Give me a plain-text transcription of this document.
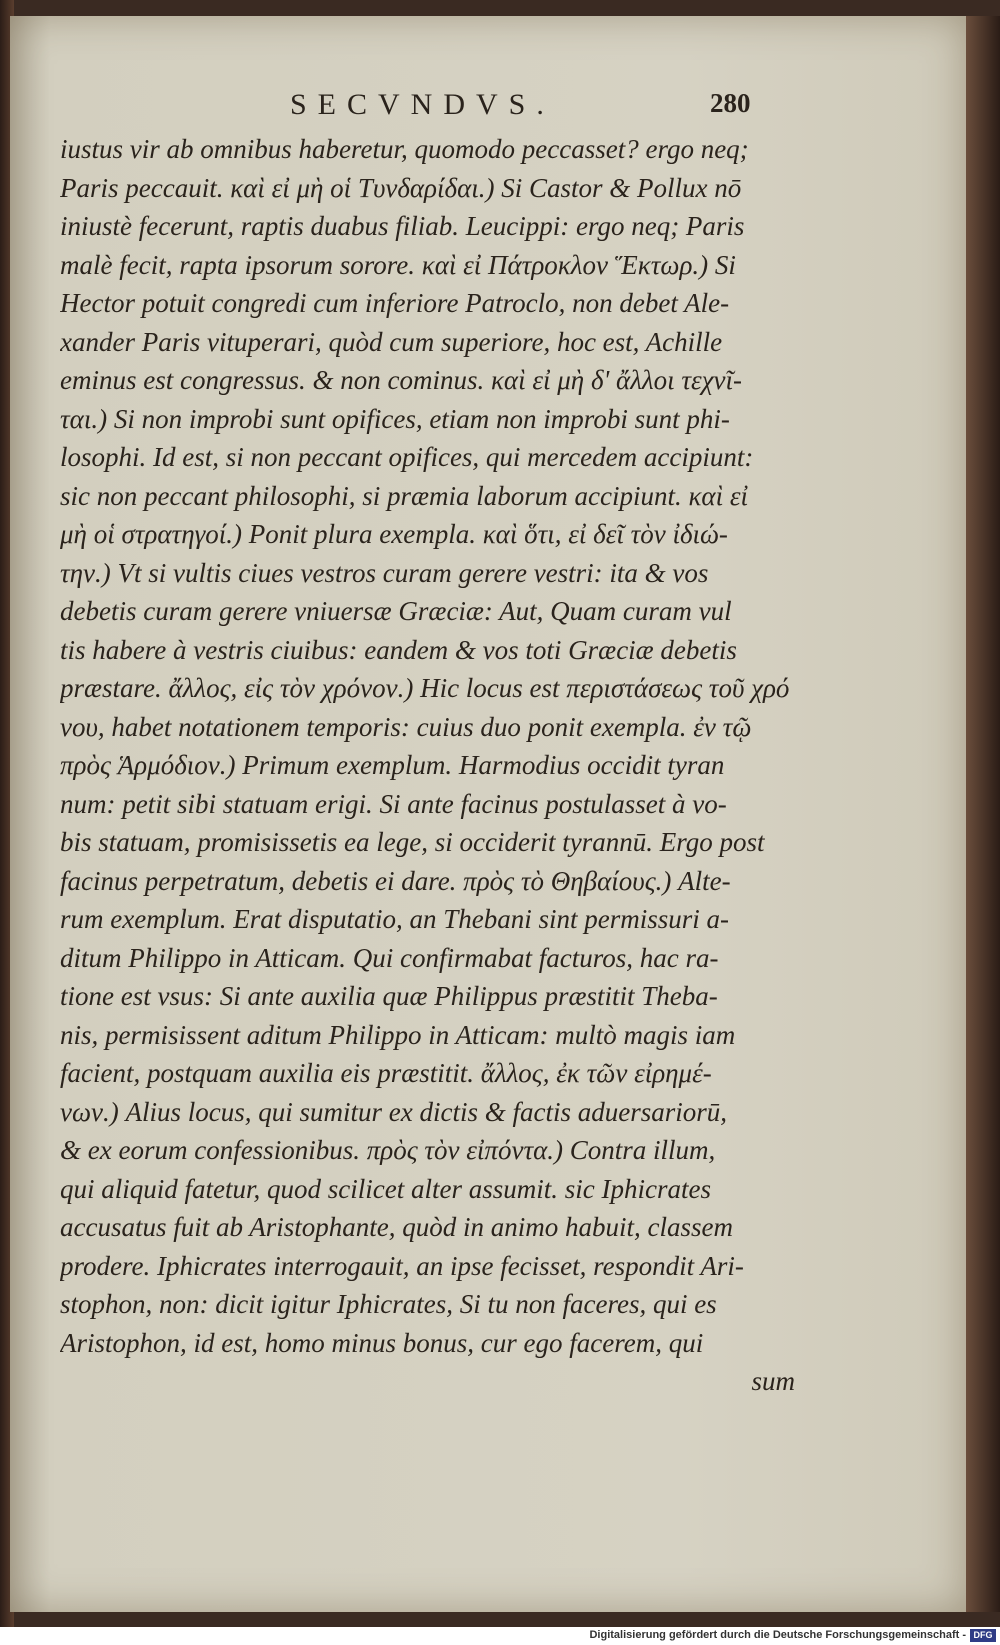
SECVNDVS.	280
iustus vir ab omnibus haberetur, quomodo peccasset? ergo neq;
Paris peccauit. καὶ εἰ μὴ οἱ Τυνδαρίδαι.) Si Castor & Pollux nō
iniustè fecerunt, raptis duabus filiab. Leucippi: ergo neq; Paris
malè fecit, rapta ipsorum sorore. καὶ εἰ Πάτροκλον Ἕκτωρ.) Si
Hector potuit congredi cum inferiore Patroclo, non debet Ale-
xander Paris vituperari, quòd cum superiore, hoc est, Achille
eminus est congressus. & non cominus. καὶ εἰ μὴ δ' ἄλλοι τεχνῖ-
ται.) Si non improbi sunt opifices, etiam non improbi sunt phi-
losophi. Id est, si non peccant opifices, qui mercedem accipiunt:
sic non peccant philosophi, si præmia laborum accipiunt. καὶ εἰ
μὴ οἱ στρατηγοί.) Ponit plura exempla. καὶ ὅτι, εἰ δεῖ τὸν ἰδιώ-
την.) Vt si vultis ciues vestros curam gerere vestri: ita & vos
debetis curam gerere vniuersæ Græciæ: Aut, Quam curam vul
tis habere à vestris ciuibus: eandem & vos toti Græciæ debetis
præstare. ἄλλος, εἰς τὸν χρόνον.) Hic locus est περιστάσεως τοῦ χρό
νου, habet notationem temporis: cuius duo ponit exempla. ἐν τῷ
πρὸς Ἁρμόδιον.) Primum exemplum. Harmodius occidit tyran
num: petit sibi statuam erigi. Si ante facinus postulasset à vo-
bis statuam, promisissetis ea lege, si occiderit tyrannū. Ergo post
facinus perpetratum, debetis ei dare. πρὸς τὸ Θηβαίους.) Alte-
rum exemplum. Erat disputatio, an Thebani sint permissuri a-
ditum Philippo in Atticam. Qui confirmabat facturos, hac ra-
tione est vsus: Si ante auxilia quæ Philippus præstitit Theba-
nis, permisissent aditum Philippo in Atticam: multò magis iam
facient, postquam auxilia eis præstitit. ἄλλος, ἐκ τῶν εἰρημέ-
νων.) Alius locus, qui sumitur ex dictis & factis aduersariorū,
& ex eorum confessionibus. πρὸς τὸν εἰπόντα.) Contra illum,
qui aliquid fatetur, quod scilicet alter assumit. sic Iphicrates
accusatus fuit ab Aristophante, quòd in animo habuit, classem
prodere. Iphicrates interrogauit, an ipse fecisset, respondit Ari-
stophon, non: dicit igitur Iphicrates, Si tu non faceres, qui es
Aristophon, id est, homo minus bonus, cur ego facerem, qui
sum
Digitalisierung gefördert durch die Deutsche Forschungsgemeinschaft - DFG
